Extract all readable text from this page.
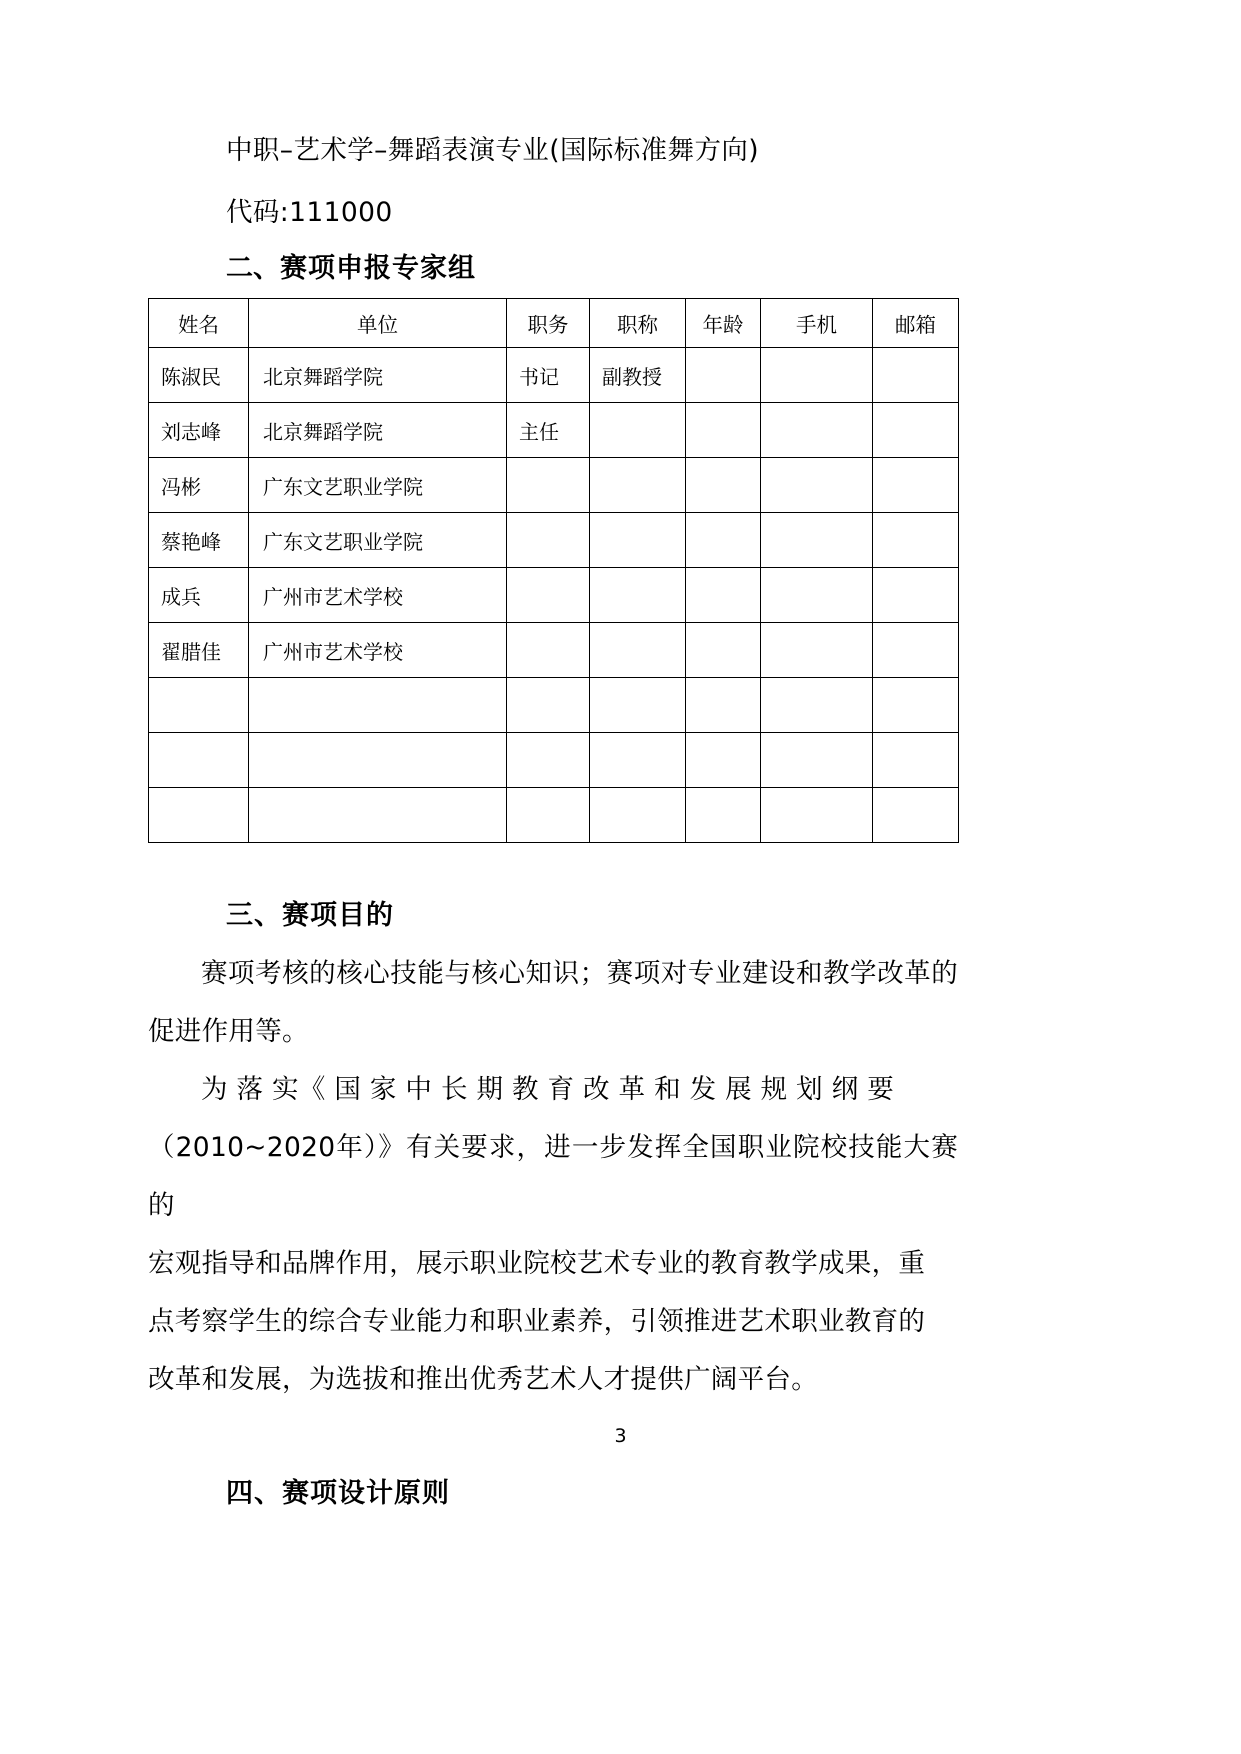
中职–艺术学–舞蹈表演专业(国际标准舞方向)
代码:111000
二、赛项申报专家组
姓名	单位	职务	职称	年龄	手机	邮箱
陈淑民	北京舞蹈学院	书记	副教授			
刘志峰	北京舞蹈学院	主任				
冯彬	广东文艺职业学院					
蔡艳峰	广东文艺职业学院					
成兵	广州市艺术学校					
翟腊佳	广州市艺术学校					

三、赛项目的

赛项考核的核心技能与核心知识；赛项对专业建设和教学改革的促进作用等。

为 落 实《 国 家 中 长 期 教 育 改 革 和 发 展 规 划 纲 要

（2010~2020年）》有关要求，进一步发挥全国职业院校技能大赛的

宏观指导和品牌作用，展示职业院校艺术专业的教育教学成果，重

点考察学生的综合专业能力和职业素养，引领推进艺术职业教育的

改革和发展，为选拔和推出优秀艺术人才提供广阔平台。

四、赛项设计原则
3
